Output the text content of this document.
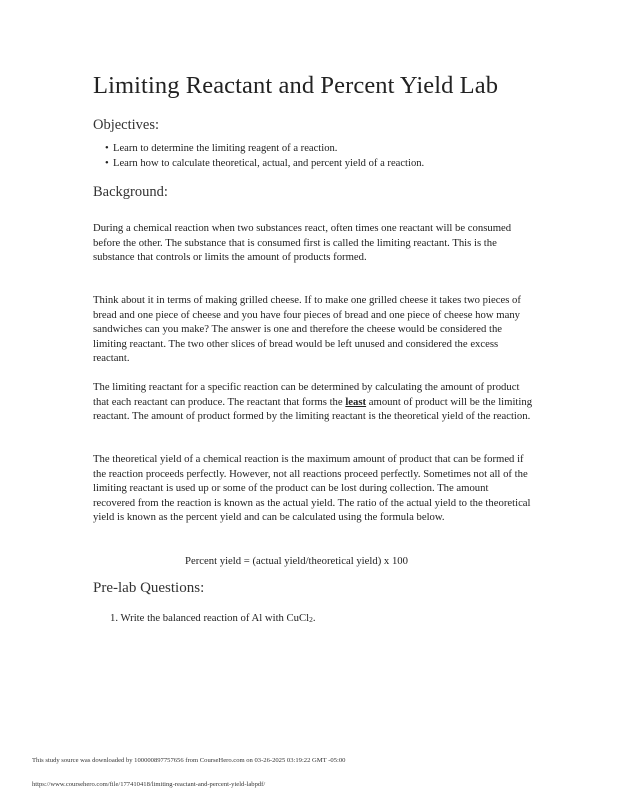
Limiting Reactant and Percent Yield Lab
Objectives:
• Learn to determine the limiting reagent of a reaction.
• Learn how to calculate theoretical, actual, and percent yield of a reaction.
Background:

During a chemical reaction when two substances react, often times one reactant will be consumed before the other. The substance that is consumed first is called the limiting reactant. This is the substance that controls or limits the amount of products formed.

Think about it in terms of making grilled cheese. If to make one grilled cheese it takes two pieces of bread and one piece of cheese and you have four pieces of bread and one piece of cheese how many sandwiches can you make? The answer is one and therefore the cheese would be considered the limiting reactant. The two other slices of bread would be left unused and considered the excess reactant.

The limiting reactant for a specific reaction can be determined by calculating the amount of product that each reactant can produce. The reactant that forms the least amount of product will be the limiting reactant. The amount of product formed by the limiting reactant is the theoretical yield of the reaction.

The theoretical yield of a chemical reaction is the maximum amount of product that can be formed if the reaction proceeds perfectly. However, not all reactions proceed perfectly. Sometimes not all of the limiting reactant is used up or some of the product can be lost during collection. The amount recovered from the reaction is known as the actual yield. The ratio of the actual yield to the theoretical yield is known as the percent yield and can be calculated using the formula below.

Percent yield = (actual yield/theoretical yield) x 100

Pre-lab Questions:
1. Write the balanced reaction of Al with CuCl$_2$.

This study source was downloaded by 100000897757656 from CourseHero.com on 03-26-2025 03:19:22 GMT -05:00

https://www.coursehero.com/file/177410418/limiting-reactant-and-percent-yield-labpdf/
